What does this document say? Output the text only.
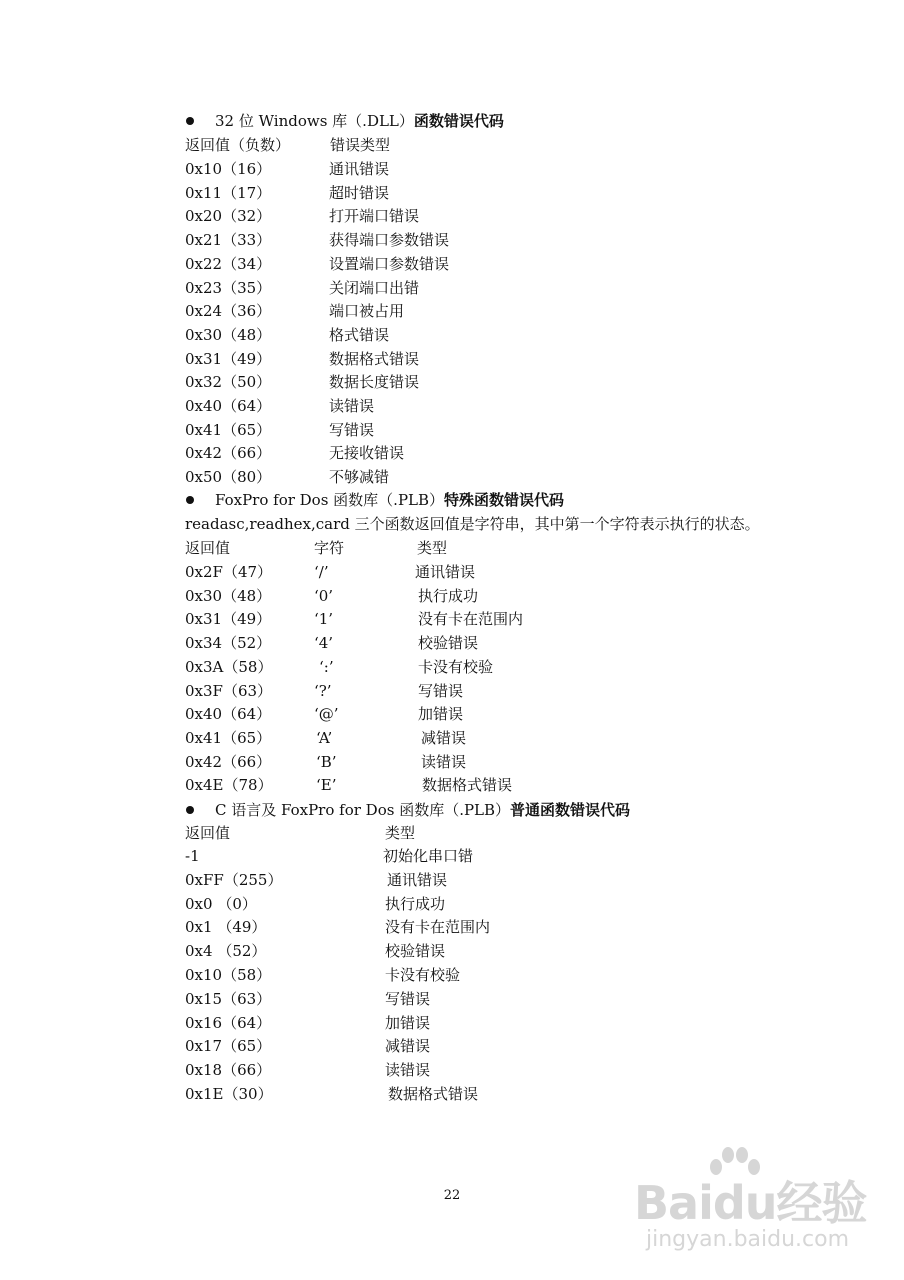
32 位 Windows 库（.DLL）函数错误代码
返回值（负数）	错误类型
0x10（16）	通讯错误
0x11（17）	超时错误
0x20（32）	打开端口错误
0x21（33）	获得端口参数错误
0x22（34）	设置端口参数错误
0x23（35）	关闭端口出错
0x24（36）	端口被占用
0x30（48）	格式错误
0x31（49）	数据格式错误
0x32（50）	数据长度错误
0x40（64）	读错误
0x41（65）	写错误
0x42（66）	无接收错误
0x50（80）	不够减错
FoxPro for Dos 函数库（.PLB）特殊函数错误代码
readasc,readhex,card 三个函数返回值是字符串，其中第一个字符表示执行的状态。
返回值	字符	类型
0x2F（47）	‘/’	通讯错误
0x30（48）	‘0’	执行成功
0x31（49）	‘1’	没有卡在范围内
0x34（52）	‘4’	校验错误
0x3A（58）	‘:’	卡没有校验
0x3F（63）	‘?’	写错误
0x40（64）	‘@’	加错误
0x41（65）	‘A’	减错误
0x42（66）	‘B’	读错误
0x4E（78）	‘E’	数据格式错误
C 语言及 FoxPro for Dos 函数库（.PLB）普通函数错误代码
返回值	类型
-1	初始化串口错
0xFF（255）	通讯错误
0x0 （0）	执行成功
0x1 （49）	没有卡在范围内
0x4 （52）	校验错误
0x10（58）	卡没有校验
0x15（63）	写错误
0x16（64）	加错误
0x17（65）	减错误
0x18（66）	读错误
0x1E（30）	数据格式错误
22	Baidu经验
jingyan.baidu.com
